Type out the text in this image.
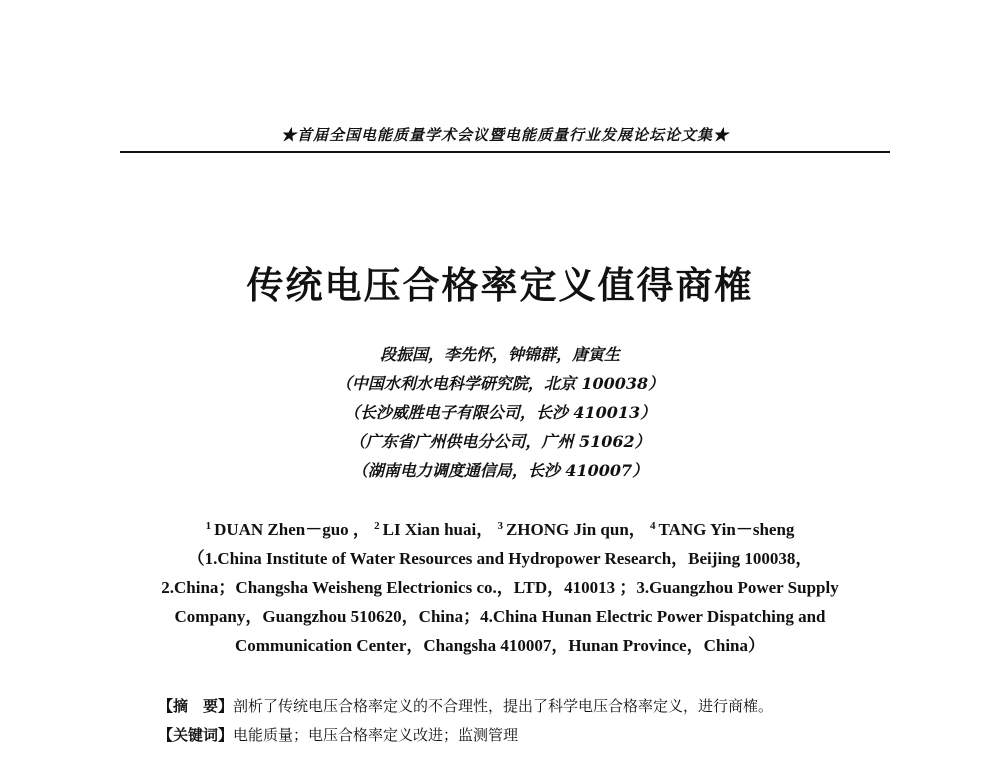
★首届全国电能质量学术会议暨电能质量行业发展论坛论文集★
传统电压合格率定义值得商榷
段振国，李先怀，钟锦群，唐寅生
（中国水利水电科学研究院，北京 100038）
（长沙威胜电子有限公司，长沙 410013）
（广东省广州供电分公司，广州 51062）
（湖南电力调度通信局，长沙 410007）
$^1$ DUAN Zhen－guo ， $^2$ LI Xian huai， $^3$ ZHONG Jin qun， $^4$ TANG Yin－sheng
（1.China Institute of Water Resources and Hydropower Research，Beijing 100038，
2.China；Changsha Weisheng Electrionics co.，LTD，410013 ；3.Guangzhou Power Supply
Company，Guangzhou 510620，China；4.China Hunan Electric Power Dispatching and
Communication Center，Changsha 410007，Hunan Province，China）
【摘　要】剖析了传统电压合格率定义的不合理性，提出了科学电压合格率定义，进行商榷。
【关键词】电能质量；电压合格率定义改进；监测管理
